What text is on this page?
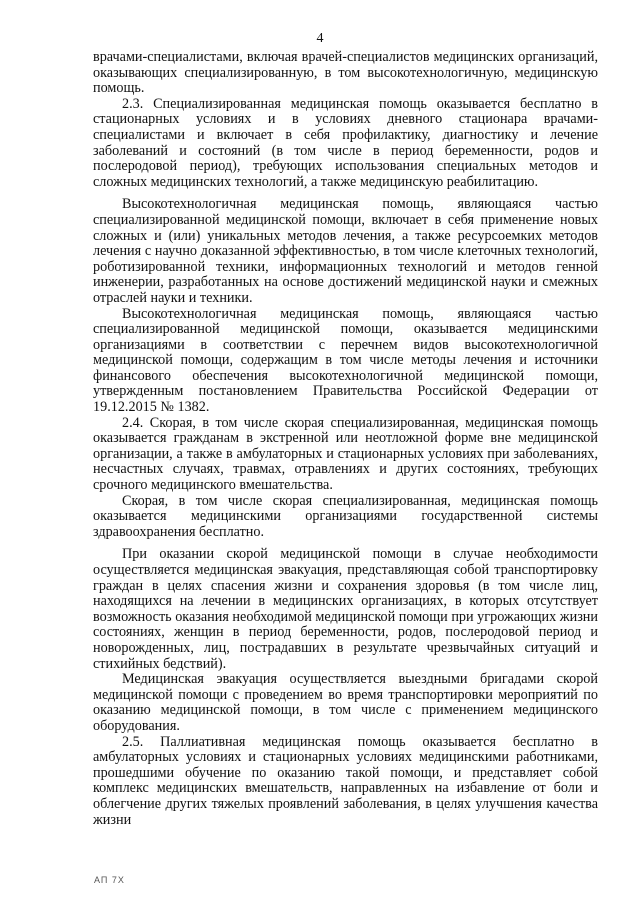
4

врачами-специалистами, включая врачей-специалистов медицинских организаций, оказывающих специализированную, в том высокотехнологичную, медицинскую помощь.

2.3. Специализированная медицинская помощь оказывается бесплатно в стационарных условиях и в условиях дневного стационара врачами-специалистами и включает в себя профилактику, диагностику и лечение заболеваний и состояний (в том числе в период беременности, родов и послеродовой период), требующих использования специальных методов и сложных медицинских технологий, а также медицинскую реабилитацию.

Высокотехнологичная медицинская помощь, являющаяся частью специализированной медицинской помощи, включает в себя применение новых сложных и (или) уникальных методов лечения, а также ресурсоемких методов лечения с научно доказанной эффективностью, в том числе клеточных технологий, роботизированной техники, информационных технологий и методов генной инженерии, разработанных на основе достижений медицинской науки и смежных отраслей науки и техники.

Высокотехнологичная медицинская помощь, являющаяся частью специализированной медицинской помощи, оказывается медицинскими организациями в соответствии с перечнем видов высокотехнологичной медицинской помощи, содержащим в том числе методы лечения и источники финансового обеспечения высокотехнологичной медицинской помощи, утвержденным постановлением Правительства Российской Федерации от 19.12.2015 № 1382.

2.4. Скорая, в том числе скорая специализированная, медицинская помощь оказывается гражданам в экстренной или неотложной форме вне медицинской организации, а также в амбулаторных и стационарных условиях при заболеваниях, несчастных случаях, травмах, отравлениях и других состояниях, требующих срочного медицинского вмешательства.

Скорая, в том числе скорая специализированная, медицинская помощь оказывается медицинскими организациями государственной системы здравоохранения бесплатно.

При оказании скорой медицинской помощи в случае необходимости осуществляется медицинская эвакуация, представляющая собой транспортировку граждан в целях спасения жизни и сохранения здоровья (в том числе лиц, находящихся на лечении в медицинских организациях, в которых отсутствует возможность оказания необходимой медицинской помощи при угрожающих жизни состояниях, женщин в период беременности, родов, послеродовой период и новорожденных, лиц, пострадавших в результате чрезвычайных ситуаций и стихийных бедствий).

Медицинская эвакуация осуществляется выездными бригадами скорой медицинской помощи с проведением во время транспортировки мероприятий по оказанию медицинской помощи, в том числе с применением медицинского оборудования.

2.5. Паллиативная медицинская помощь оказывается бесплатно в амбулаторных условиях и стационарных условиях медицинскими работниками, прошедшими обучение по оказанию такой помощи, и представляет собой комплекс медицинских вмешательств, направленных на избавление от боли и облегчение других тяжелых проявлений заболевания, в целях улучшения качества жизни

АП 7Х
